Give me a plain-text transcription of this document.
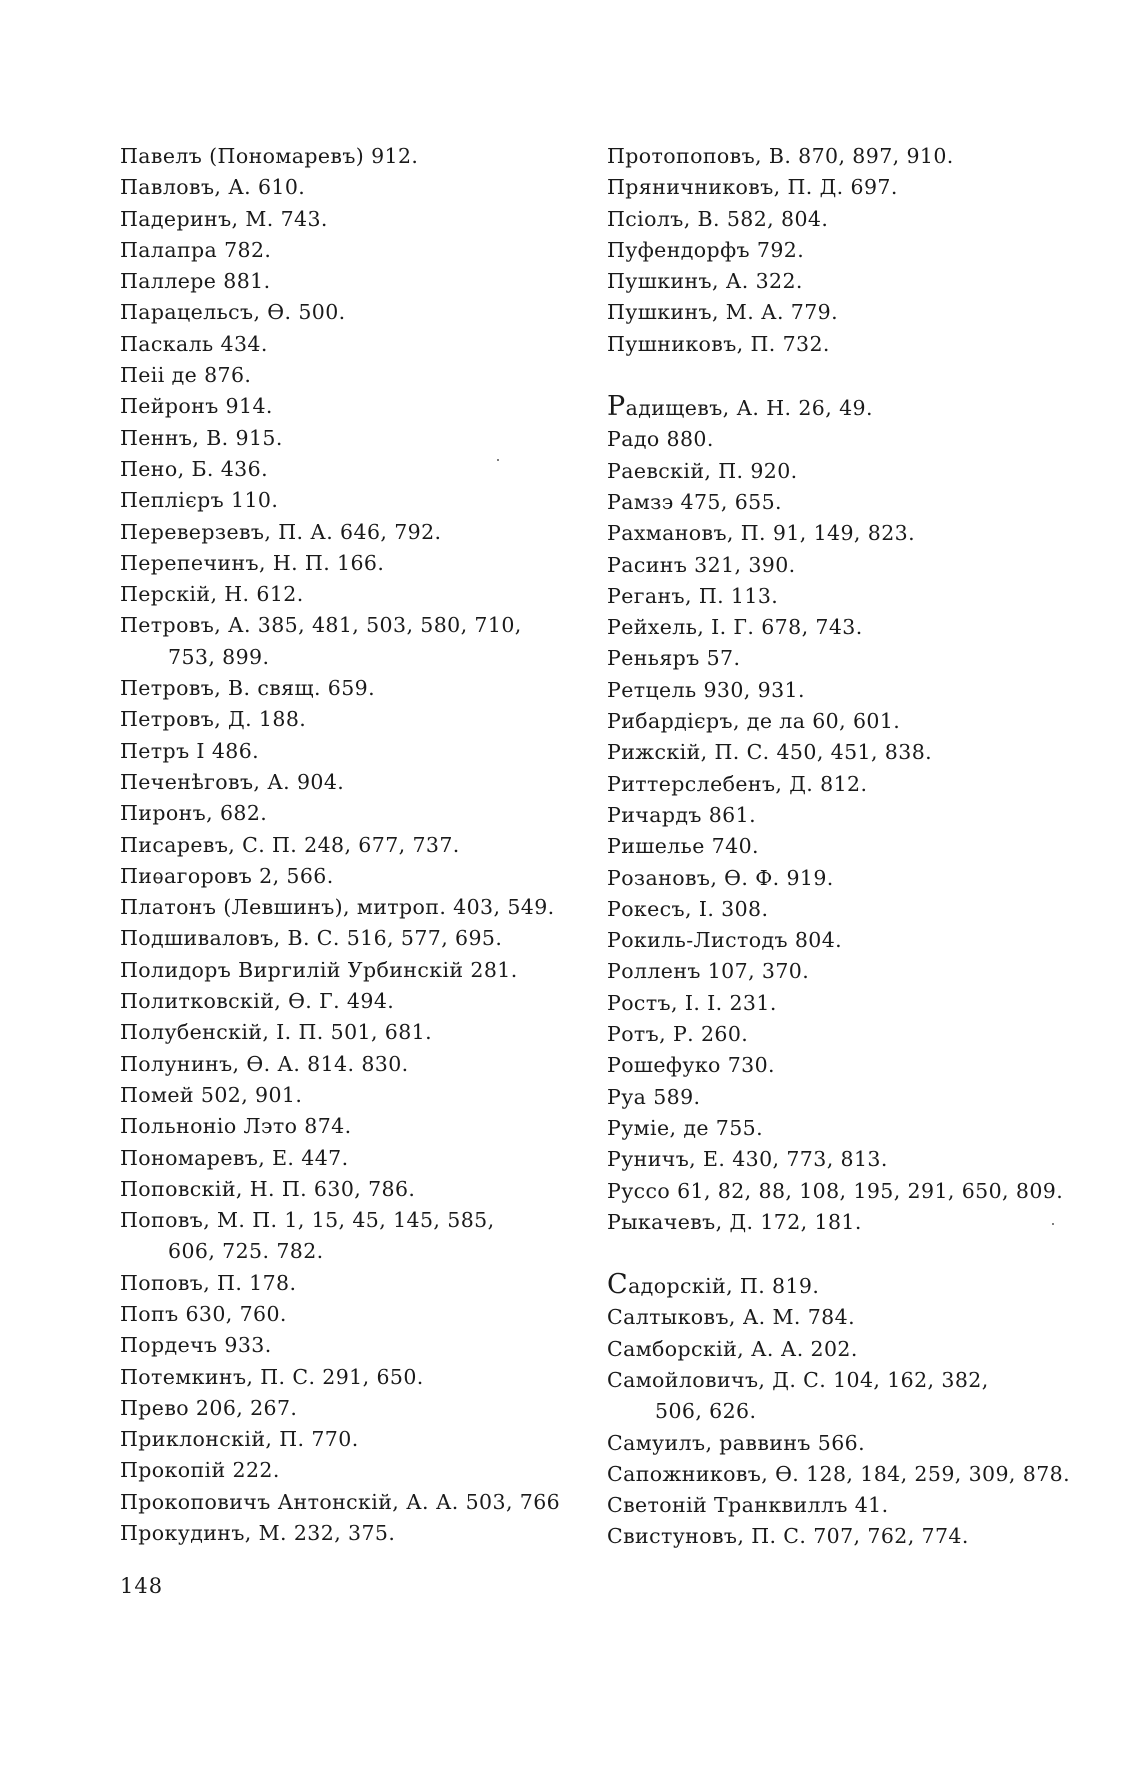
Павелъ (Пономаревъ) 912.
Павловъ, А. 610.
Падеринъ, М. 743.
Палапра 782.
Паллере 881.
Парацельсъ, Ѳ. 500.
Паскаль 434.
Пеіі де 876.
Пейронъ 914.
Пеннъ, В. 915.
Пено, Б. 436.
Пеплієръ 110.
Переверзевъ, П. А. 646, 792.
Перепечинъ, Н. П. 166.
Перскій, Н. 612.
Петровъ, А. 385, 481, 503, 580, 710,
753, 899.
Петровъ, В. свящ. 659.
Петровъ, Д. 188.
Петръ I 486.
Печенѣговъ, А. 904.
Пиронъ, 682.
Писаревъ, С. П. 248, 677, 737.
Пиѳагоровъ 2, 566.
Платонъ (Левшинъ), митроп. 403, 549.
Подшиваловъ, В. С. 516, 577, 695.
Полидоръ Виргилій Урбинскій 281.
Политковскій, Ѳ. Г. 494.
Полубенскій, I. П. 501, 681.
Полунинъ, Ѳ. А. 814. 830.
Помей 502, 901.
Польноніо Лэто 874.
Пономаревъ, Е. 447.
Поповскій, Н. П. 630, 786.
Поповъ, М. П. 1, 15, 45, 145, 585,
606, 725. 782.
Поповъ, П. 178.
Попъ 630, 760.
Пордечъ 933.
Потемкинъ, П. С. 291, 650.
Прево 206, 267.
Приклонскій, П. 770.
Прокопій 222.
Прокоповичъ Антонскій, А. А. 503, 766
Прокудинъ, М. 232, 375.
Протопоповъ, В. 870, 897, 910.
Пряничниковъ, П. Д. 697.
Псіолъ, В. 582, 804.
Пуфендорфъ 792.
Пушкинъ, А. 322.
Пушкинъ, М. А. 779.
Пушниковъ, П. 732.
Радищевъ, А. Н. 26, 49.
Радо 880.
Раевскій, П. 920.
Рамзэ 475, 655.
Рахмановъ, П. 91, 149, 823.
Расинъ 321, 390.
Реганъ, П. 113.
Рейхель, I. Г. 678, 743.
Реньяръ 57.
Ретцель 930, 931.
Рибардієръ, де ла 60, 601.
Рижскій, П. С. 450, 451, 838.
Риттерслебенъ, Д. 812.
Ричардъ 861.
Ришелье 740.
Розановъ, Ѳ. Ф. 919.
Рокесъ, I. 308.
Рокиль-Листодъ 804.
Ролленъ 107, 370.
Ростъ, I. I. 231.
Ротъ, Р. 260.
Рошефуко 730.
Руа 589.
Румie, де 755.
Руничъ, Е. 430, 773, 813.
Руссо 61, 82, 88, 108, 195, 291, 650, 809.
Рыкачевъ, Д. 172, 181.
Садорскій, П. 819.
Салтыковъ, А. М. 784.
Самборскій, А. А. 202.
Самойловичъ, Д. С. 104, 162, 382,
506, 626.
Самуилъ, раввинъ 566.
Сапожниковъ, Ѳ. 128, 184, 259, 309, 878.
Светоній Транквиллъ 41.
Свистуновъ, П. С. 707, 762, 774.
148
